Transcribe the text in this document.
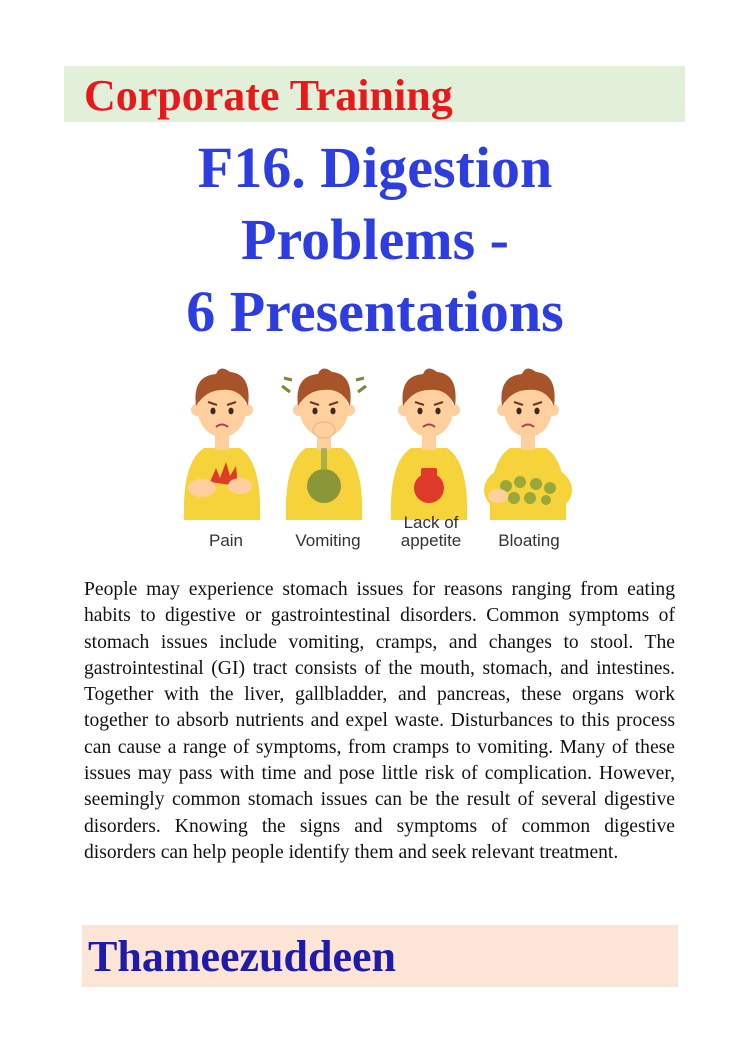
Corporate Training
F16. Digestion
Problems -
6 Presentations
Pain	Vomiting
Lack of
appetite Bloating

People may experience stomach issues for reasons ranging from eating habits to digestive or gastrointestinal disorders. Common symptoms of stomach issues include vomiting, cramps, and changes to stool. The gastrointestinal (GI) tract consists of the mouth, stomach, and intestines. Together with the liver, gallbladder, and pancreas, these organs work together to absorb nutrients and expel waste. Disturbances to this process can cause a range of symptoms, from cramps to vomiting. Many of these issues may pass with time and pose little risk of complication. However, seemingly common stomach issues can be the result of several digestive disorders. Knowing the signs and symptoms of common digestive disorders can help people identify them and seek relevant treatment.

Thameezuddeen
